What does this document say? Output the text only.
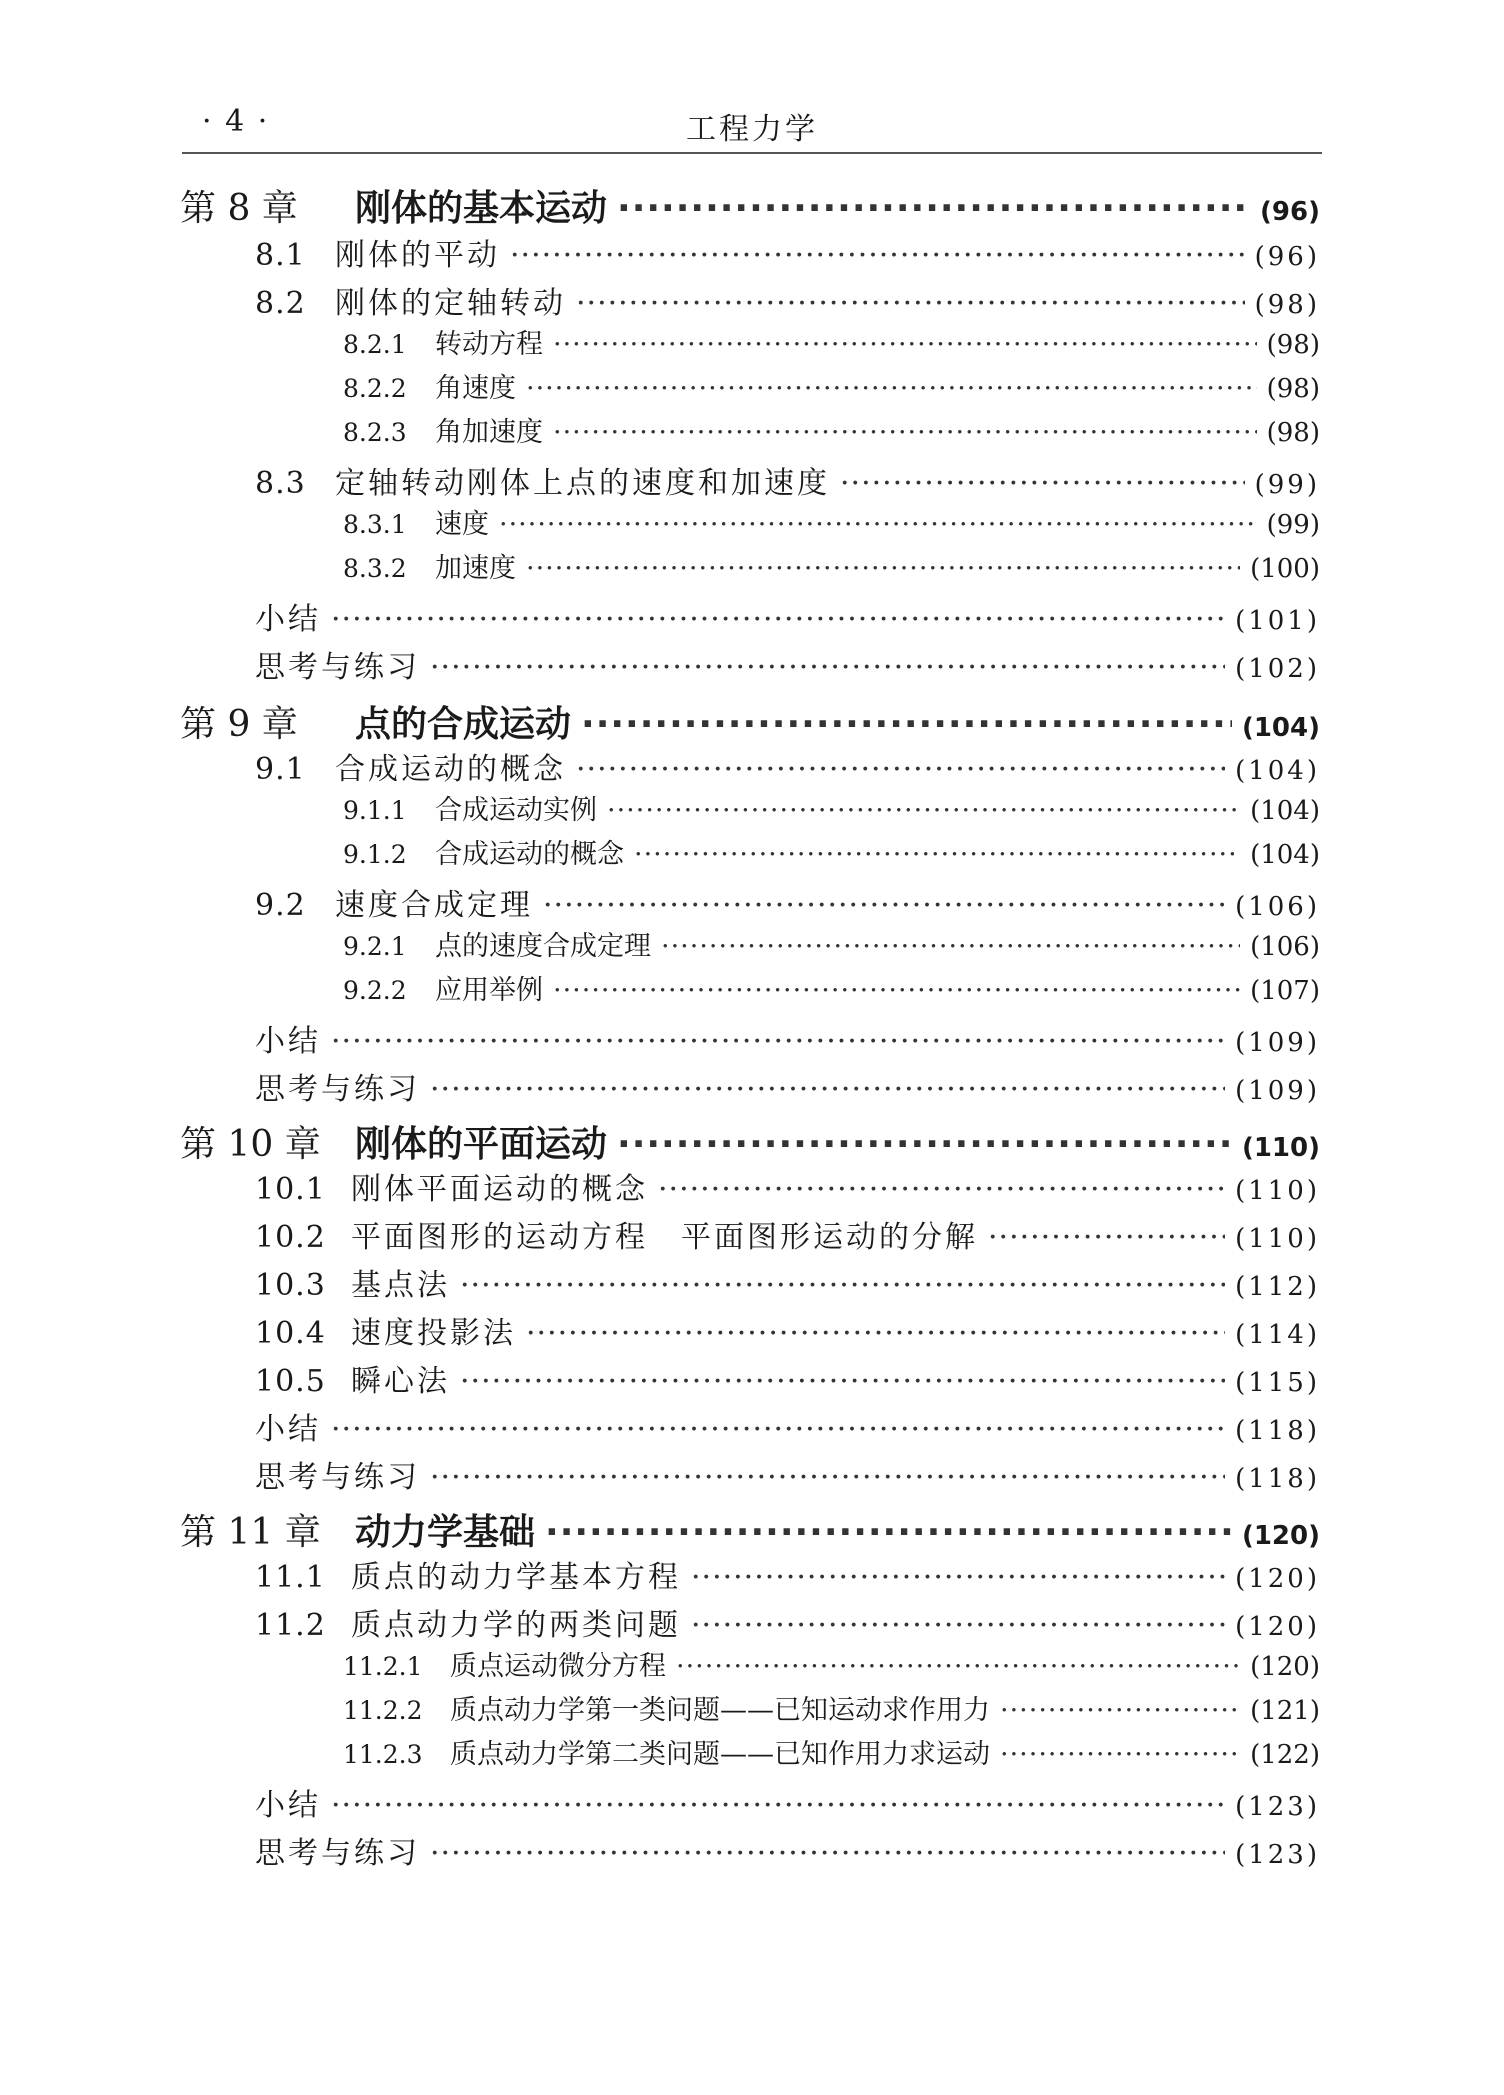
· 4 ·	工程力学
第 8 章	刚体的基本运动 ·····	(96)
8.1 刚体的平动 ·····	(96)
8.2 刚体的定轴转动 ·····	(98)
8.2.1	转动方程 ·····	(98)
8.2.2	角速度 ·····	(98)
8.2.3	角加速度 ·····	(98)
8.3 定轴转动刚体上点的速度和加速度 ·····	(99)
8.3.1	速度 ·····	(99)
8.3.2	加速度 ·····	(100)
小结 ·····	(101)
思考与练习 ·····	(102)
第 9 章	点的合成运动 ·····	(104)
9.1 合成运动的概念 ·····	(104)
9.1.1	合成运动实例 ·····	(104)
9.1.2	合成运动的概念 ·····	(104)
9.2 速度合成定理 ·····	(106)
9.2.1	点的速度合成定理 ·····	(106)
9.2.2	应用举例 ·····	(107)
小结 ·····	(109)
思考与练习 ·····	(109)
第 10 章 刚体的平面运动 ·····	(110)
10.1 刚体平面运动的概念 ·····	(110)
10.2 平面图形的运动方程　平面图形运动的分解 ·····	(110)
10.3 基点法 ·····	(112)
10.4 速度投影法 ·····	(114)
10.5 瞬心法 ·····	(115)
小结 ·····	(118)
思考与练习 ·····	(118)
第 11 章 动力学基础 ·····	(120)
11.1 质点的动力学基本方程 ·····	(120)
11.2 质点动力学的两类问题 ·····	(120)
11.2.1	质点运动微分方程 ·····	(120)
11.2.2	质点动力学第一类问题——已知运动求作用力 ·····	(121)
11.2.3	质点动力学第二类问题——已知作用力求运动 ·····	(122)
小结 ·····	(123)
思考与练习 ·····	(123)
